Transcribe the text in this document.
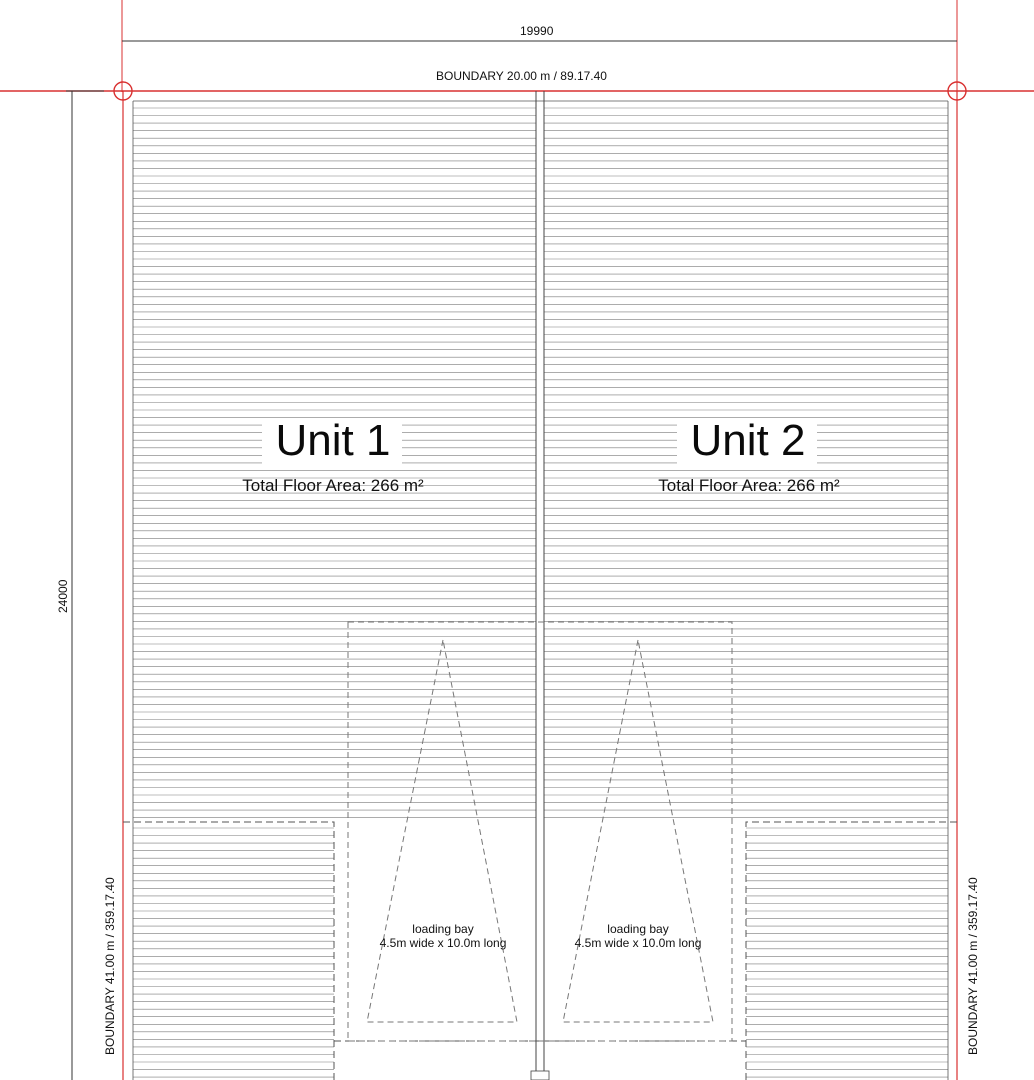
19990
BOUNDARY 20.00 m / 89.17.40
24000
BOUNDARY 41.00 m / 359.17.40	BOUNDARY 41.00 m / 359.17.40
Unit 1
Total Floor Area: 266 m²
Unit 2
Total Floor Area: 266 m²
loading bay
4.5m wide x 10.0m long
loading bay
4.5m wide x 10.0m long
